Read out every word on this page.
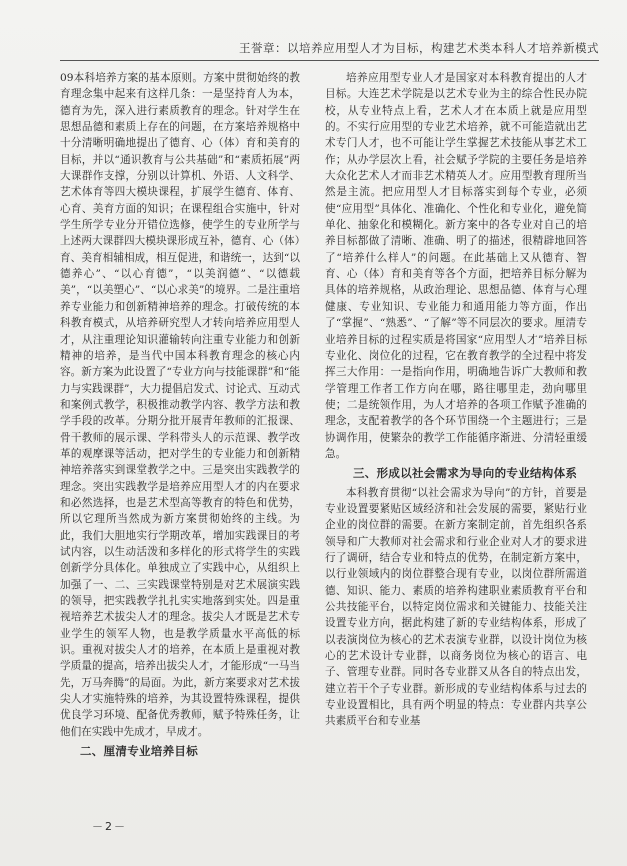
王誉章：以培养应用型人才为目标，构建艺术类本科人才培养新模式

09本科培养方案的基本原则。方案中贯彻始终的教育理念集中起来有这样几条：一是坚持育人为本，德育为先，深入进行素质教育的理念。针对学生在思想品德和素质上存在的问题，在方案培养规格中十分清晰明确地提出了德育、心（体）育和美育的目标，并以“通识教育与公共基础”和“素质拓展”两大课群作支撑，分别以计算机、外语、人文科学、艺术体育等四大模块课程，扩展学生德育、体育、心育、美育方面的知识；在课程组合实施中，针对学生所学专业分开错位选修，使学生的专业所学与上述两大课群四大模块课形成互补，德育、心（体）育、美育相辅相成，相互促进，和谐统一，达到“以德养心”、“以心育德”，“以美润德”、“以德载美”，“以美塑心”、“以心求美”的境界。二是注重培养专业能力和创新精神培养的理念。打破传统的本科教育模式，从培养研究型人才转向培养应用型人才，从注重理论知识灌输转向注重专业能力和创新精神的培养，是当代中国本科教育理念的核心内容。新方案为此设置了“专业方向与技能课群”和“能力与实践课群”，大力提倡启发式、讨论式、互动式和案例式教学，积极推动教学内容、教学方法和教学手段的改革。分期分批开展青年教师的汇报课、骨干教师的展示课、学科带头人的示范课、教学改革的观摩课等活动，把对学生的专业能力和创新精神培养落实到课堂教学之中。三是突出实践教学的理念。突出实践教学是培养应用型人才的内在要求和必然选择，也是艺术型高等教育的特色和优势，所以它理所当然成为新方案贯彻始终的主线。为此，我们大胆地实行学期改革，增加实践课目的考试内容，以生动活泼和多样化的形式将学生的实践创新学分具体化。单独成立了实践中心，从组织上加强了一、二、三实践课堂特别是对艺术展演实践的领导，把实践教学扎扎实实地落到实处。四是重视培养艺术拔尖人才的理念。拔尖人才既是艺术专业学生的领军人物，也是教学质量水平高低的标识。重视对拔尖人才的培养，在本质上是重视对教学质量的提高，培养出拔尖人才，才能形成“一马当先，万马奔腾”的局面。为此，新方案要求对艺术拔尖人才实施特殊的培养，为其设置特殊课程，提供优良学习环境、配备优秀教师，赋予特殊任务，让他们在实践中先成才，早成才。

二、厘清专业培养目标

培养应用型专业人才是国家对本科教育提出的人才目标。大连艺术学院是以艺术专业为主的综合性民办院校，从专业特点上看，艺术人才在本质上就是应用型的。不实行应用型的专业艺术培养，就不可能造就出艺术专门人才，也不可能让学生掌握艺术技能从事艺术工作；从办学层次上看，社会赋予学院的主要任务是培养大众化艺术人才而非艺术精英人才。应用型教育理所当然是主流。把应用型人才目标落实到每个专业，必须使“应用型”具体化、准确化、个性化和专业化，避免简单化、抽象化和模糊化。新方案中的各专业对自己的培养目标都做了清晰、准确、明了的描述，很精辟地回答了“培养什么样人”的问题。在此基础上又从德育、智育、心（体）育和美育等各个方面，把培养目标分解为具体的培养规格，从政治理论、思想品德、体育与心理健康、专业知识、专业能力和通用能力等方面，作出了“掌握”、“熟悉”、“了解”等不同层次的要求。厘清专业培养目标的过程实质是将国家“应用型人才”培养目标专业化、岗位化的过程，它在教育教学的全过程中将发挥三大作用：一是指向作用，明确地告诉广大教师和教学管理工作者工作方向在哪，路往哪里走，劲向哪里使；二是统领作用，为人才培养的各项工作赋予准确的理念，支配着教学的各个环节围绕一个主题进行；三是协调作用，使繁杂的教学工作能循序渐进、分清轻重缓急。

三、形成以社会需求为导向的专业结构体系

本科教育贯彻“以社会需求为导向”的方针，首要是专业设置要紧贴区域经济和社会发展的需要，紧贴行业企业的岗位群的需要。在新方案制定前，首先组织各系领导和广大教师对社会需求和行业企业对人才的要求进行了调研，结合专业和特点的优势，在制定新方案中，以行业领域内的岗位群整合现有专业，以岗位群所需道德、知识、能力、素质的培养构建职业素质教育平台和公共技能平台，以特定岗位需求和关键能力、技能关注设置专业方向，据此构建了新的专业结构体系，形成了以表演岗位为核心的艺术表演专业群，以设计岗位为核心的艺术设计专业群，以商务岗位为核心的语言、电子、管理专业群。同时各专业群又从各自的特点出发，建立若干个子专业群。新形成的专业结构体系与过去的专业设置相比，具有两个明显的特点：专业群内共享公共素质平台和专业基

－2－
